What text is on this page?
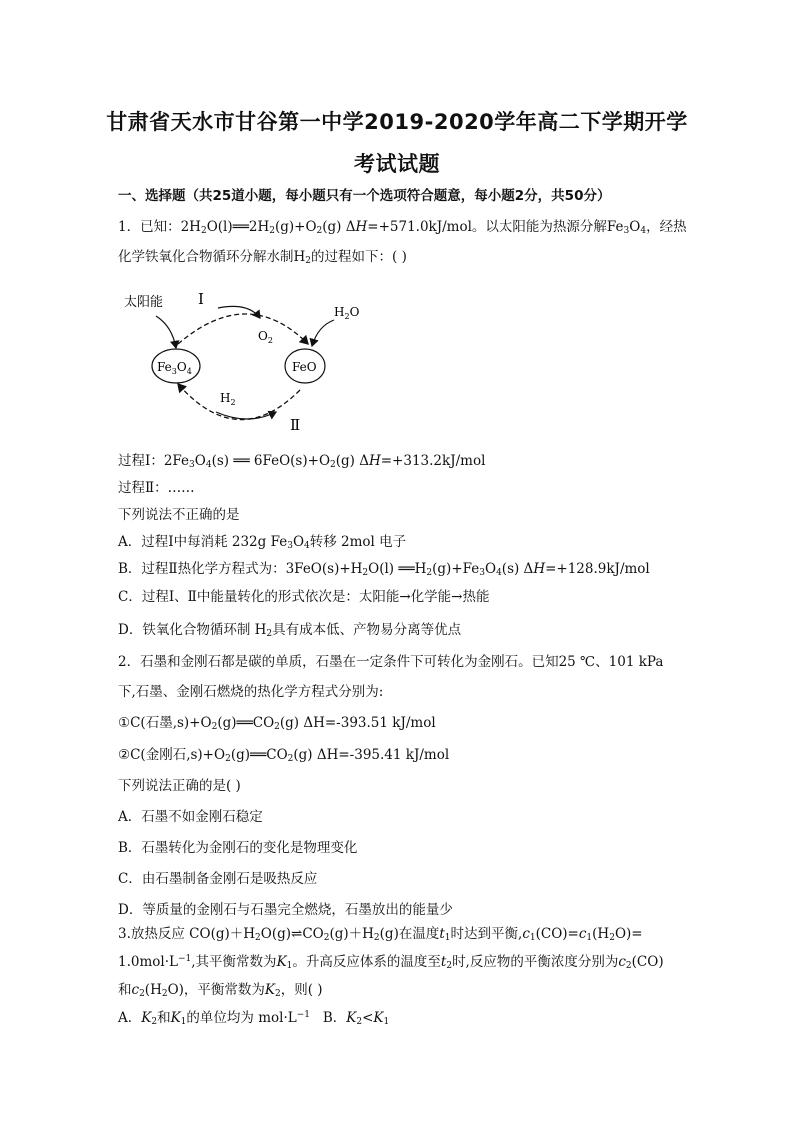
甘肃省天水市甘谷第一中学2019-2020学年高二下学期开学
考试试题
一、选择题（共25道小题，每小题只有一个选项符合题意，每小题2分，共50分）
1．已知：$2H_2O(l)══2H_2(g)+O_2(g)$ ΔH=+571.0kJ/mol。以太阳能为热源分解$Fe_3O_4$，经热
化学铁氧化合物循环分解水制$H_2$的过程如下：( )
太阳能 I
$O_2$
$H_2O$
$Fe_3O_4$	FeO
$H_2$
Ⅱ
过程Ⅰ：$2Fe_3O_4(s)$ ══ $6FeO(s)+O_2(g)$ ΔH=+313.2kJ/mol
过程Ⅱ：……
下列说法不正确的是
A．过程Ⅰ中每消耗 232g $Fe_3O_4$转移 2mol 电子
B．过程Ⅱ热化学方程式为：$3FeO(s)+H_2O(l)$ $══H_2(g)+Fe_3O_4(s)$ ΔH=+128.9kJ/mol
C．过程Ⅰ、Ⅱ中能量转化的形式依次是：太阳能→化学能→热能
D．铁氧化合物循环制 $H_2$具有成本低、产物易分离等优点
2．石墨和金刚石都是碳的单质，石墨在一定条件下可转化为金刚石。已知25 ℃、101 kPa
下,石墨、金刚石燃烧的热化学方程式分别为:
①C(石墨$,s)+O_2(g)══CO_2(g)$ ΔH=-393.51 kJ/mol
②C(金刚石$,s)+O_2(g)══CO_2(g)$ ΔH=-395.41 kJ/mol
下列说法正确的是( )
A．石墨不如金刚石稳定
B．石墨转化为金刚石的变化是物理变化
C．由石墨制备金刚石是吸热反应
D．等质量的金刚石与石墨完全燃烧，石墨放出的能量少
3.放热反应 $CO(g)+H_2O(g)\rightleftharpoons CO_2(g)+H_2(g)$在温度$t_1$时达到平衡$,c_1(CO)=c_1(H_2O)=$
$1.0mol\cdot L^{-1}$,其平衡常数为$K_1$。升高反应体系的温度至$t_2$时,反应物的平衡浓度分别为$c_2(CO)$
和$c_2(H_2O)$，平衡常数为$K_2$，则( )
A．$K_2$和$K_1$的单位均为 $mol\cdot L^{-1}$ B．$K_2<K_1$
